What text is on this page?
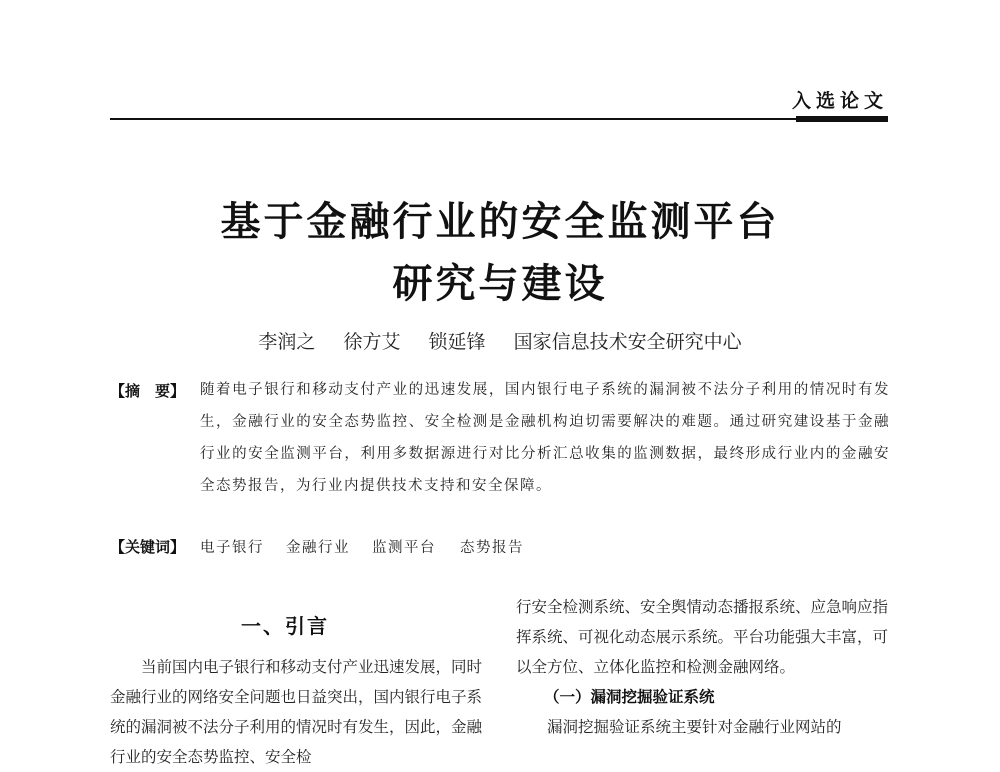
入选论文
基于金融行业的安全监测平台
研究与建设
李润之 徐方艾 锁延锋 国家信息技术安全研究中心
【摘　要】 随着电子银行和移动支付产业的迅速发展，国内银行电子系统的漏洞被不法分子利用的情况时有发生，金融行业的安全态势监控、安全检测是金融机构迫切需要解决的难题。通过研究建设基于金融行业的安全监测平台，利用多数据源进行对比分析汇总收集的监测数据，最终形成行业内的金融安全态势报告，为行业内提供技术支持和安全保障。
【关键词】 电子银行 金融行业 监测平台 态势报告
一、引言

当前国内电子银行和移动支付产业迅速发展，同时金融行业的网络安全问题也日益突出，国内银行电子系统的漏洞被不法分子利用的情况时有发生，因此，金融行业的安全态势监控、安全检

行安全检测系统、安全舆情动态播报系统、应急响应指挥系统、可视化动态展示系统。平台功能强大丰富，可以全方位、立体化监控和检测金融网络。

（一）漏洞挖掘验证系统

漏洞挖掘验证系统主要针对金融行业网站的
